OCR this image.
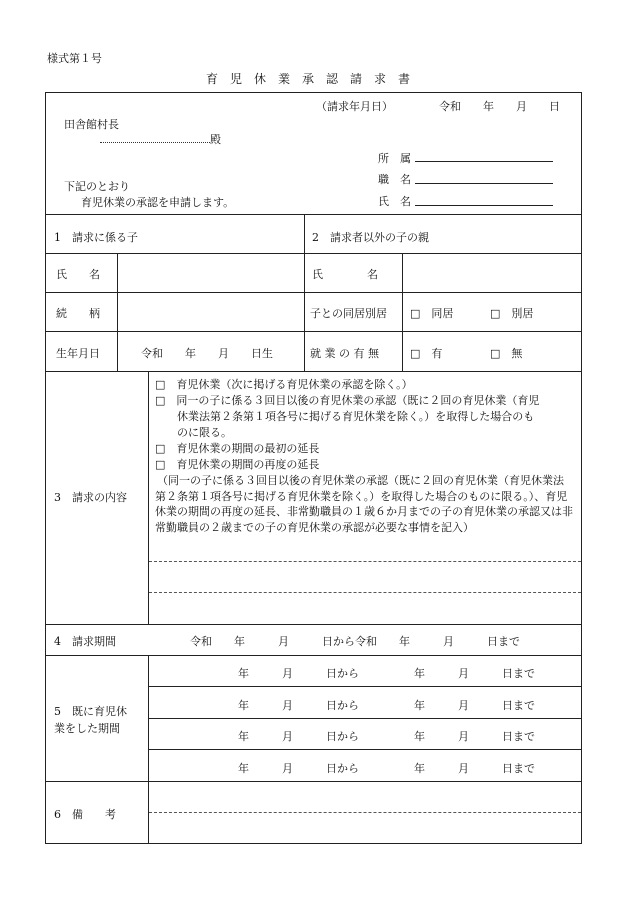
様式第１号
育　児　休　業　承　認　請　求　書
（請求年月日）	令和　　年　　月　　日
田舎館村長
殿
所　属
職　名
氏　名
下記のとおり
育児休業の承認を申請します。
1　請求に係る子	2　請求者以外の子の親
氏　　名	氏　　　　名
続　　柄	子との同居別居 □　同居	□　別居
生年月日	令和　　年　　月　　日生	就 業 の 有 無	□　有	□　無
3　請求の内容
□　育児休業（次に掲げる育児休業の承認を除く。）
□　同一の子に係る３回目以後の育児休業の承認（既に２回の育児休業（育児
　　休業法第２条第１項各号に掲げる育児休業を除く。）を取得した場合のも
　　のに限る。
□　育児休業の期間の最初の延長
□　育児休業の期間の再度の延長
（同一の子に係る３回目以後の育児休業の承認（既に２回の育児休業（育児休業法第２条第１項各号に掲げる育児休業を除く。）を取得した場合のものに限る。）、育児休業の期間の再度の延長、非常勤職員の１歳６か月までの子の育児休業の承認又は非常勤職員の２歳までの子の育児休業の承認が必要な事情を記入）
4　請求期間	令和　　年　　　月　　　日から令和　　年　　　月　　　日まで
5　既に育児休
業をした期間
年　　　月　　　日から　　　　　年　　　月　　　日まで
年　　　月　　　日から　　　　　年　　　月　　　日まで
年　　　月　　　日から　　　　　年　　　月　　　日まで
年　　　月　　　日から　　　　　年　　　月　　　日まで
6　備　　考
